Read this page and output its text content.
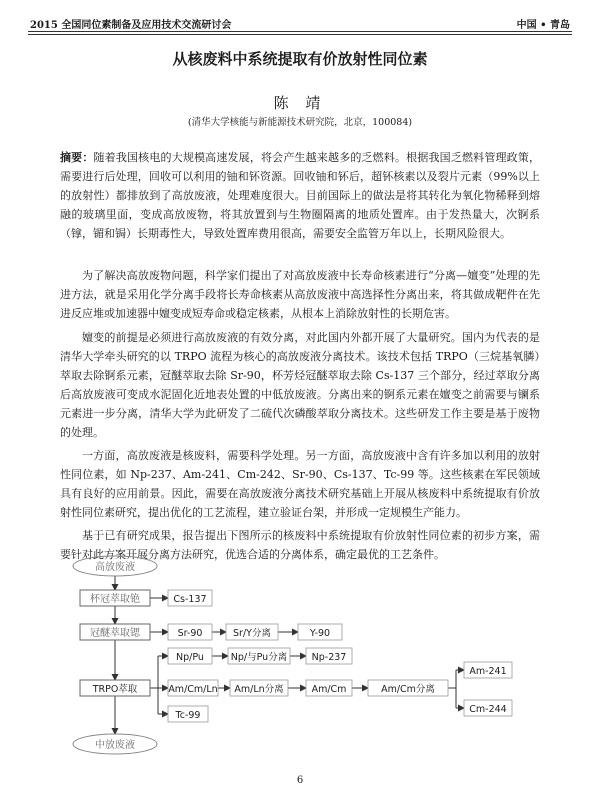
2015 全国同位素制备及应用技术交流研讨会	中国 • 青岛
从核废料中系统提取有价放射性同位素
陈 靖
(清华大学核能与新能源技术研究院，北京，100084)

摘要：随着我国核电的大规模高速发展，将会产生越来越多的乏燃料。根据我国乏燃料管理政策，需要进行后处理，回收可以利用的铀和钚资源。回收铀和钚后，超钚核素以及裂片元素（99%以上的放射性）都排放到了高放废液，处理难度很大。目前国际上的做法是将其转化为氧化物稀释到熔融的玻璃里面，变成高放废物，将其放置到与生物圈隔离的地质处置库。由于发热量大，次锕系（镎，镅和锔）长期毒性大，导致处置库费用很高，需要安全监管万年以上，长期风险很大。

为了解决高放废物问题，科学家们提出了对高放废液中长寿命核素进行“分离—嬗变”处理的先进方法，就是采用化学分离手段将长寿命核素从高放废液中高选择性分离出来，将其做成靶件在先进反应堆或加速器中嬗变成短寿命或稳定核素，从根本上消除放射性的长期危害。

嬗变的前提是必须进行高放废液的有效分离，对此国内外都开展了大量研究。国内为代表的是清华大学牵头研究的以 TRPO 流程为核心的高放废液分离技术。该技术包括 TRPO（三烷基氧膦）萃取去除锕系元素，冠醚萃取去除 Sr-90，杯芳烃冠醚萃取去除 Cs-137 三个部分，经过萃取分离后高放废液可变成水泥固化近地表处置的中低放废液。分离出来的锕系元素在嬗变之前需要与镧系元素进一步分离，清华大学为此研发了二硫代次磷酸萃取分离技术。这些研发工作主要是基于废物的处理。

一方面，高放废液是核废料，需要科学处理。另一方面，高放废液中含有许多加以利用的放射性同位素，如 Np-237、Am-241、Cm-242、Sr-90、Cs-137、Tc-99 等。这些核素在军民领域具有良好的应用前景。因此，需要在高放废液分离技术研究基础上开展从核废料中系统提取有价放射性同位素研究，提出优化的工艺流程，建立验证台架，并形成一定规模生产能力。

基于已有研究成果，报告提出下图所示的核废料中系统提取有价放射性同位素的初步方案，需要针对此方案开展分离方法研究，优选合适的分离体系，确定最优的工艺条件。

高放废液
中放废液
杯冠萃取铯
冠醚萃取锶
TRPO萃取
Cs-137
Sr-90	Sr/Y分离	Y-90
Np/Pu	Np/与Pu分离	Np-237
Am/Cm/Ln Am/Ln分离	Am/Cm	Am/Cm分离
Am-241
Cm-244
Tc-99
6
